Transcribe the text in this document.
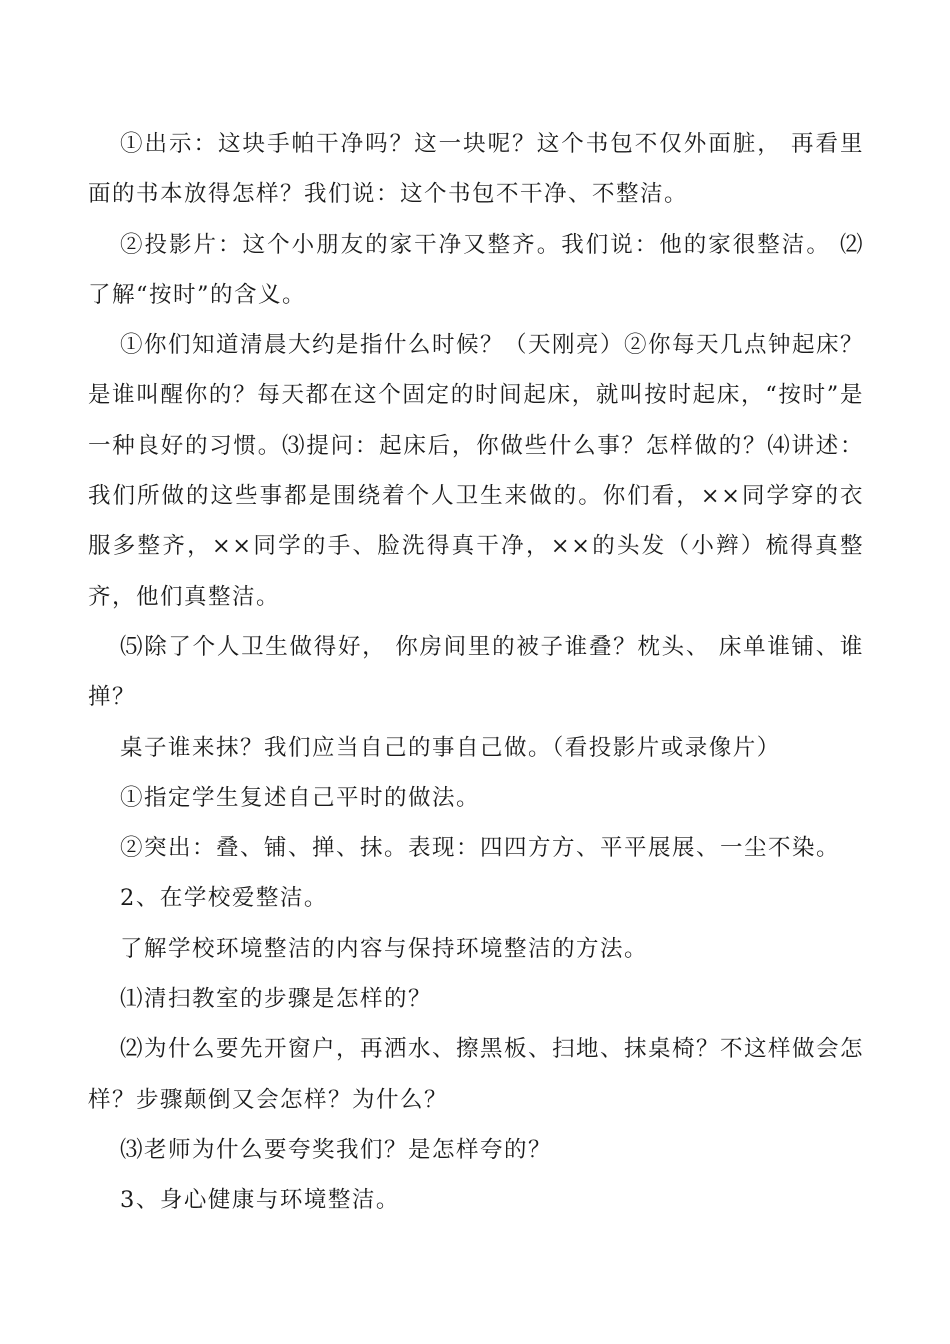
①出示：这块手帕干净吗？这一块呢？这个书包不仅外面脏， 再看里面的书本放得怎样？我们说：这个书包不干净、不整洁。

②投影片：这个小朋友的家干净又整齐。我们说：他的家很整洁。 ⑵了解“按时”的含义。

①你们知道清晨大约是指什么时候？（天刚亮）②你每天几点钟起床？是谁叫醒你的？每天都在这个固定的时间起床，就叫按时起床，“按时”是一种良好的习惯。⑶提问：起床后，你做些什么事？怎样做的？⑷讲述：我们所做的这些事都是围绕着个人卫生来做的。你们看，××同学穿的衣服多整齐，××同学的手、脸洗得真干净，××的头发（小辫）梳得真整齐，他们真整洁。

⑸除了个人卫生做得好， 你房间里的被子谁叠？枕头、 床单谁铺、谁掸？

桌子谁来抹？我们应当自己的事自己做。（看投影片或录像片）

①指定学生复述自己平时的做法。

②突出：叠、铺、掸、抹。表现：四四方方、平平展展、一尘不染。

2、在学校爱整洁。

了解学校环境整洁的内容与保持环境整洁的方法。

⑴清扫教室的步骤是怎样的？

⑵为什么要先开窗户，再洒水、擦黑板、扫地、抹桌椅？不这样做会怎样？步骤颠倒又会怎样？为什么？

⑶老师为什么要夸奖我们？是怎样夸的？

3、身心健康与环境整洁。
